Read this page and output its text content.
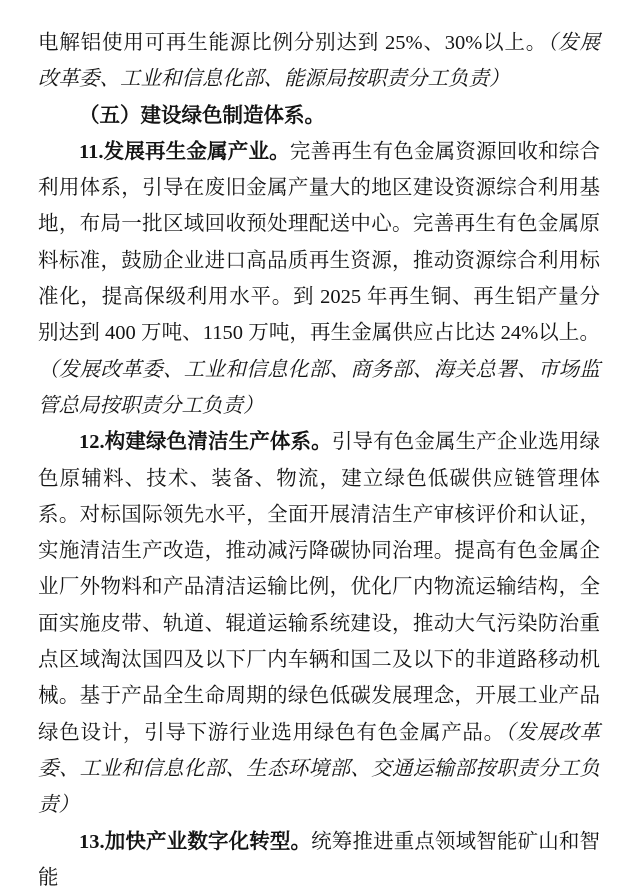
电解铝使用可再生能源比例分别达到 25%、30%以上。（发展改革委、工业和信息化部、能源局按职责分工负责）

（五）建设绿色制造体系。

11.发展再生金属产业。完善再生有色金属资源回收和综合利用体系，引导在废旧金属产量大的地区建设资源综合利用基地，布局一批区域回收预处理配送中心。完善再生有色金属原料标准，鼓励企业进口高品质再生资源，推动资源综合利用标准化，提高保级利用水平。到 2025 年再生铜、再生铝产量分别达到 400 万吨、1150 万吨，再生金属供应占比达 24%以上。（发展改革委、工业和信息化部、商务部、海关总署、市场监管总局按职责分工负责）

12.构建绿色清洁生产体系。引导有色金属生产企业选用绿色原辅料、技术、装备、物流，建立绿色低碳供应链管理体系。对标国际领先水平，全面开展清洁生产审核评价和认证，实施清洁生产改造，推动减污降碳协同治理。提高有色金属企业厂外物料和产品清洁运输比例，优化厂内物流运输结构，全面实施皮带、轨道、辊道运输系统建设，推动大气污染防治重点区域淘汰国四及以下厂内车辆和国二及以下的非道路移动机械。基于产品全生命周期的绿色低碳发展理念，开展工业产品绿色设计，引导下游行业选用绿色有色金属产品。（发展改革委、工业和信息化部、生态环境部、交通运输部按职责分工负责）

13.加快产业数字化转型。统筹推进重点领域智能矿山和智能
